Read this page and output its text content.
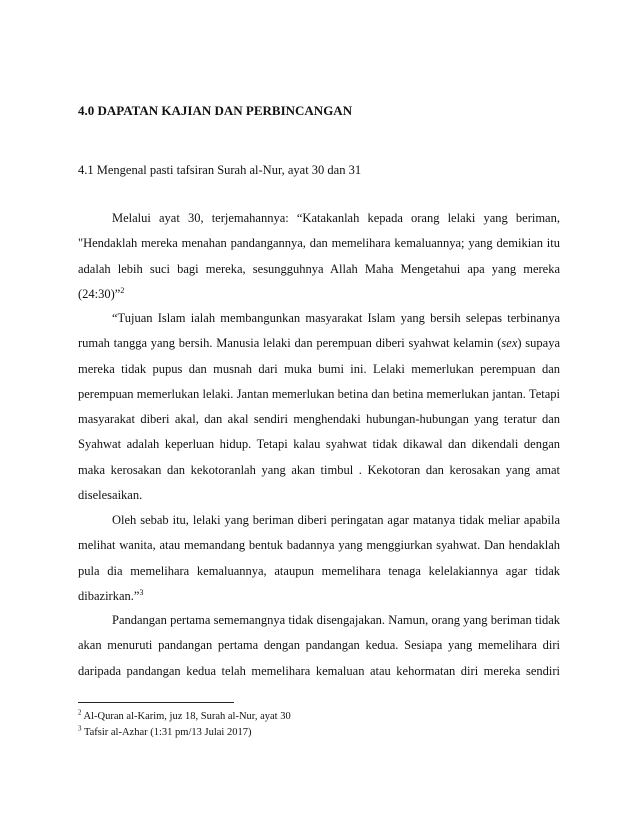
4.0 DAPATAN KAJIAN DAN PERBINCANGAN
4.1 Mengenal pasti tafsiran Surah al-Nur, ayat 30 dan 31
Melalui ayat 30, terjemahannya: “Katakanlah kepada orang lelaki yang beriman,
"Hendaklah mereka menahan pandangannya, dan memelihara kemaluannya; yang demikian itu
adalah lebih suci bagi mereka, sesungguhnya Allah Maha Mengetahui apa yang mereka
(24:30)”$^2$
“Tujuan Islam ialah membangunkan masyarakat Islam yang bersih selepas terbinanya
rumah tangga yang bersih. Manusia lelaki dan perempuan diberi syahwat kelamin (sex) supaya
mereka tidak pupus dan musnah dari muka bumi ini. Lelaki memerlukan perempuan dan
perempuan memerlukan lelaki. Jantan memerlukan betina dan betina memerlukan jantan. Tetapi
masyarakat diberi akal, dan akal sendiri menghendaki hubungan-hubungan yang teratur dan
Syahwat adalah keperluan hidup. Tetapi kalau syahwat tidak dikawal dan dikendali dengan
maka kerosakan dan kekotoranlah yang akan timbul . Kekotoran dan kerosakan yang amat
diselesaikan.
Oleh sebab itu, lelaki yang beriman diberi peringatan agar matanya tidak meliar apabila
melihat wanita, atau memandang bentuk badannya yang menggiurkan syahwat. Dan hendaklah
pula dia memelihara kemaluannya, ataupun memelihara tenaga kelelakiannya agar tidak
dibazirkan.”$^3$
Pandangan pertama sememangnya tidak disengajakan. Namun, orang yang beriman tidak
akan menuruti pandangan pertama dengan pandangan kedua. Sesiapa yang memelihara diri
daripada pandangan kedua telah memelihara kemaluan atau kehormatan diri mereka sendiri
$^2$ Al-Quran al-Karim, juz 18, Surah al-Nur, ayat 30
$^3$ Tafsir al-Azhar (1:31 pm/13 Julai 2017)
